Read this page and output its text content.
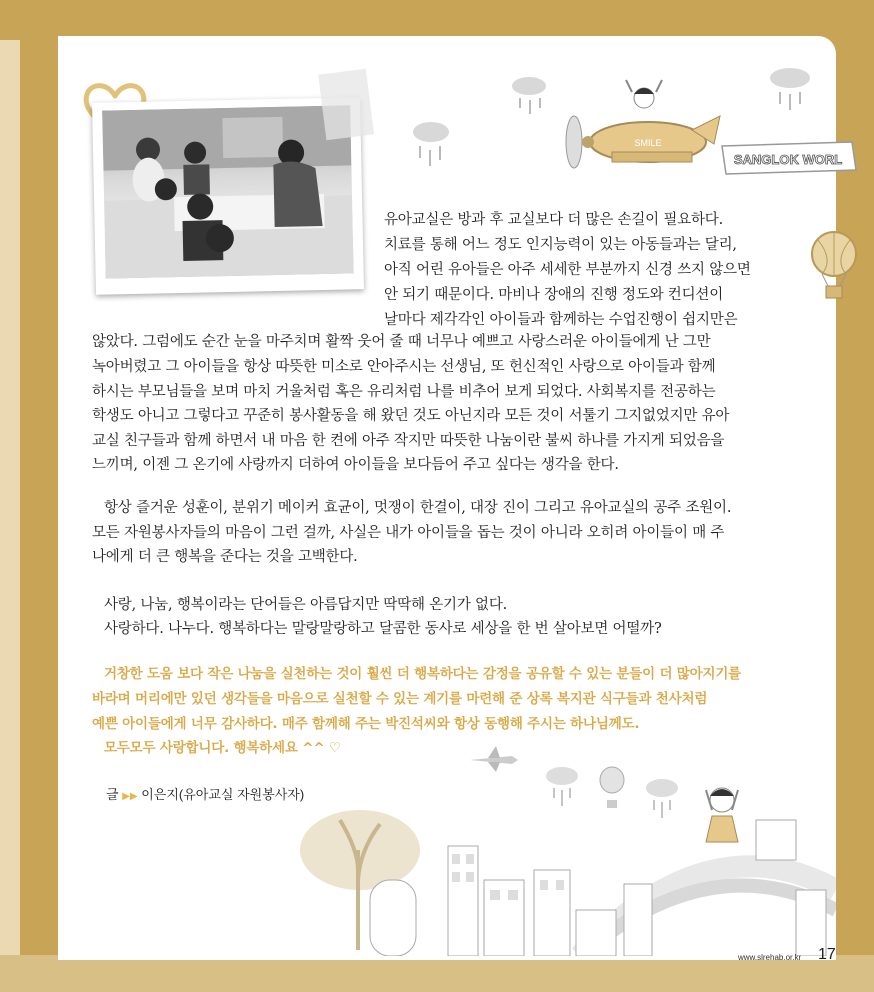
SMILE
SANGLOK WORL

유아교실은 방과 후 교실보다 더 많은 손길이 필요하다.

치료를 통해 어느 정도 인지능력이 있는 아동들과는 달리,

아직 어린 유아들은 아주 세세한 부분까지 신경 쓰지 않으면

안 되기 때문이다. 마비나 장애의 진행 정도와 컨디션이

날마다 제각각인 아이들과 함께하는 수업진행이 쉽지만은

않았다. 그럼에도 순간 눈을 마주치며 활짝 웃어 줄 때 너무나 예쁘고 사랑스러운 아이들에게 난 그만

녹아버렸고 그 아이들을 항상 따뜻한 미소로 안아주시는 선생님, 또 헌신적인 사랑으로 아이들과 함께

하시는 부모님들을 보며 마치 거울처럼 혹은 유리처럼 나를 비추어 보게 되었다. 사회복지를 전공하는

학생도 아니고 그렇다고 꾸준히 봉사활동을 해 왔던 것도 아닌지라 모든 것이 서툴기 그지없었지만 유아

교실 친구들과 함께 하면서 내 마음 한 켠에 아주 작지만 따뜻한 나눔이란 불씨 하나를 가지게 되었음을

느끼며, 이젠 그 온기에 사랑까지 더하여 아이들을 보다듬어 주고 싶다는 생각을 한다.

항상 즐거운 성훈이, 분위기 메이커 효균이, 멋쟁이 한결이, 대장 진이 그리고 유아교실의 공주 조원이.

모든 자원봉사자들의 마음이 그런 걸까, 사실은 내가 아이들을 돕는 것이 아니라 오히려 아이들이 매 주

나에게 더 큰 행복을 준다는 것을 고백한다.

사랑, 나눔, 행복이라는 단어들은 아름답지만 딱딱해 온기가 없다.

사랑하다. 나누다. 행복하다는 말랑말랑하고 달콤한 동사로 세상을 한 번 살아보면 어떨까?

거창한 도움 보다 작은 나눔을 실천하는 것이 훨씬 더 행복하다는 감정을 공유할 수 있는 분들이 더 많아지기를

바라며 머리에만 있던 생각들을 마음으로 실천할 수 있는 계기를 마련해 준 상록 복지관 식구들과 천사처럼

예쁜 아이들에게 너무 감사하다. 매주 함께해 주는 박진석씨와 항상 동행해 주시는 하나님께도.

모두모두 사랑합니다. 행복하세요 ^^ ♡

글 ▶▶ 이은지(유아교실 자원봉사자)
www.slrehab.or.kr 17
